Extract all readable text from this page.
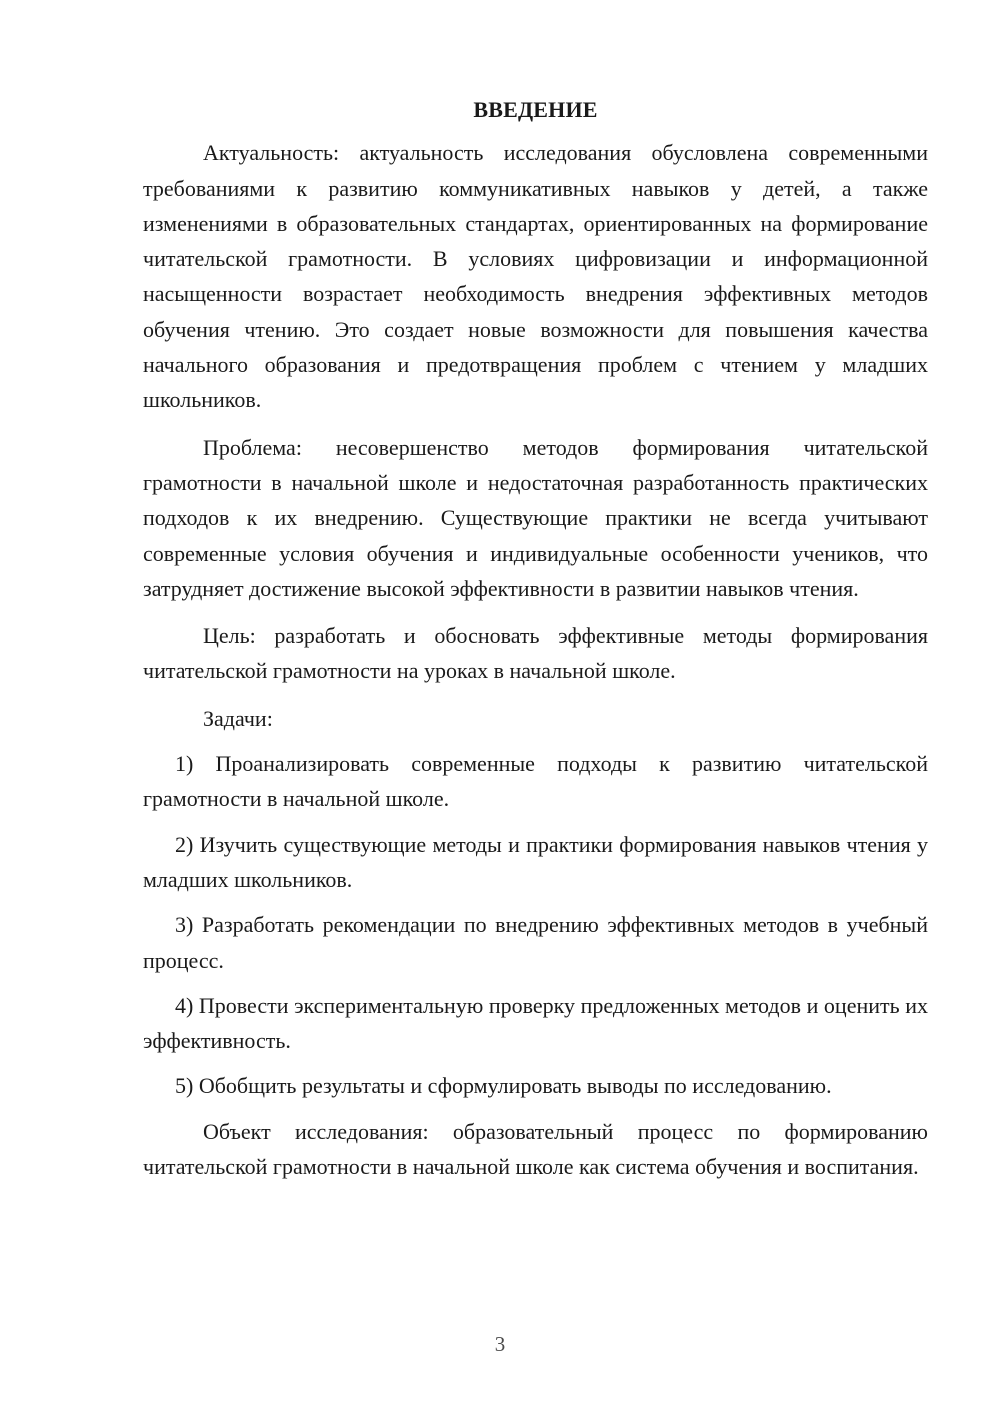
ВВЕДЕНИЕ

Актуальность: актуальность исследования обусловлена современными требованиями к развитию коммуникативных навыков у детей, а также изменениями в образовательных стандартах, ориентированных на формирование читательской грамотности. В условиях цифровизации и информационной насыщенности возрастает необходимость внедрения эффективных методов обучения чтению. Это создает новые возможности для повышения качества начального образования и предотвращения проблем с чтением у младших школьников.

Проблема: несовершенство методов формирования читательской грамотности в начальной школе и недостаточная разработанность практических подходов к их внедрению. Существующие практики не всегда учитывают современные условия обучения и индивидуальные особенности учеников, что затрудняет достижение высокой эффективности в развитии навыков чтения.

Цель: разработать и обосновать эффективные методы формирования читательской грамотности на уроках в начальной школе.

Задачи:

1) Проанализировать современные подходы к развитию читательской грамотности в начальной школе.

2) Изучить существующие методы и практики формирования навыков чтения у младших школьников.

3) Разработать рекомендации по внедрению эффективных методов в учебный процесс.

4) Провести экспериментальную проверку предложенных методов и оценить их эффективность.

5) Обобщить результаты и сформулировать выводы по исследованию.

Объект исследования: образовательный процесс по формированию читательской грамотности в начальной школе как система обучения и воспитания.

3
